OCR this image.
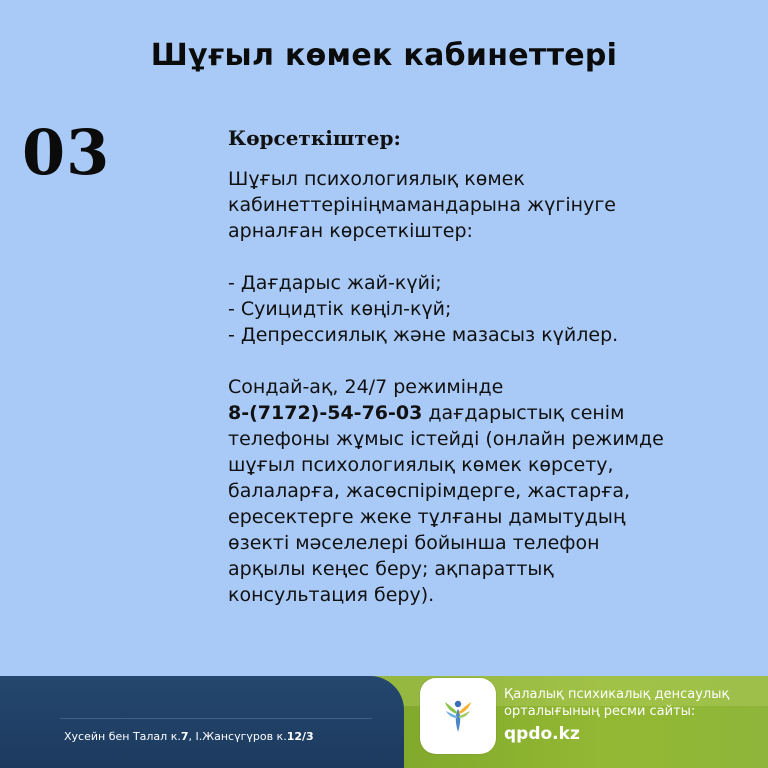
Шұғыл көмек кабинеттері
03	Көрсеткіштер:
Шұғыл психологиялық көмек
кабинеттерініңмамандарына жүгінуге
арналған көрсеткіштер:
- Дағдарыс жай-күйі;
- Суицидтік көңіл-күй;
- Депрессиялық және мазасыз күйлер.
Сондай-ақ, 24/7 режимінде
8-(7172)-54-76-03 дағдарыстық сенім
телефоны жұмыс істейді (онлайн режимде
шұғыл психологиялық көмек көрсету,
балаларға, жасөспірімдерге, жастарға,
ересектерге жеке тұлғаны дамытудың
өзекті мәселелері бойынша телефон
арқылы кеңес беру; ақпараттық
консультация беру).
Хусейн бен Талал к.7, І.Жансүгүров к.12/3
Қалалық психикалық денсаулық
орталығының ресми сайты:
qpdo.kz
